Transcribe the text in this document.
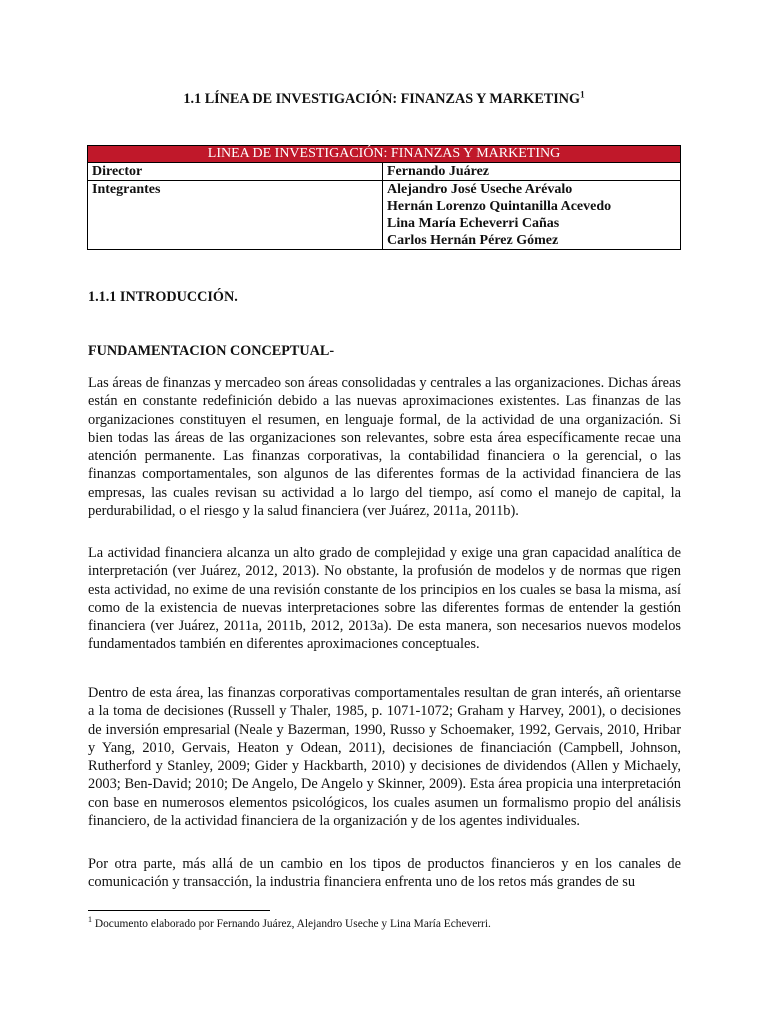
1.1 LÍNEA DE INVESTIGACIÓN: FINANZAS Y MARKETING$^1$
LINEA DE INVESTIGACIÓN: FINANZAS Y MARKETING	
Director	Fernando Juárez
Integrantes	Alejandro José Useche Arévalo
Hernán Lorenzo Quintanilla Acevedo
Lina María Echeverri Cañas
Carlos Hernán Pérez Gómez
1.1.1 INTRODUCCIÓN.
FUNDAMENTACION CONCEPTUAL-

Las áreas de finanzas y mercadeo son áreas consolidadas y centrales a las organizaciones. Dichas áreas están en constante redefinición debido a las nuevas aproximaciones existentes. Las finanzas de las organizaciones constituyen el resumen, en lenguaje formal, de la actividad de una organización. Si bien todas las áreas de las organizaciones son relevantes, sobre esta área específicamente recae una atención permanente. Las finanzas corporativas, la contabilidad financiera o la gerencial, o las finanzas comportamentales, son algunos de las diferentes formas de la actividad financiera de las empresas, las cuales revisan su actividad a lo largo del tiempo, así como el manejo de capital, la perdurabilidad, o el riesgo y la salud financiera (ver Juárez, 2011a, 2011b).

La actividad financiera alcanza un alto grado de complejidad y exige una gran capacidad analítica de interpretación (ver Juárez, 2012, 2013). No obstante, la profusión de modelos y de normas que rigen esta actividad, no exime de una revisión constante de los principios en los cuales se basa la misma, así como de la existencia de nuevas interpretaciones sobre las diferentes formas de entender la gestión financiera (ver Juárez, 2011a, 2011b, 2012, 2013a). De esta manera, son necesarios nuevos modelos fundamentados también en diferentes aproximaciones conceptuales.

Dentro de esta área, las finanzas corporativas comportamentales resultan de gran interés, añ orientarse a la toma de decisiones (Russell y Thaler, 1985, p. 1071-1072; Graham y Harvey, 2001), o decisiones de inversión empresarial (Neale y Bazerman, 1990, Russo y Schoemaker, 1992, Gervais, 2010, Hribar y Yang, 2010, Gervais, Heaton y Odean, 2011), decisiones de financiación (Campbell, Johnson, Rutherford y Stanley, 2009; Gider y Hackbarth, 2010) y decisiones de dividendos (Allen y Michaely, 2003; Ben-David; 2010; De Angelo, De Angelo y Skinner, 2009). Esta área propicia una interpretación con base en numerosos elementos psicológicos, los cuales asumen un formalismo propio del análisis financiero, de la actividad financiera de la organización y de los agentes individuales.

Por otra parte, más allá de un cambio en los tipos de productos financieros y en los canales de comunicación y transacción, la industria financiera enfrenta uno de los retos más grandes de su

$^1$ Documento elaborado por Fernando Juárez, Alejandro Useche y Lina María Echeverri.
